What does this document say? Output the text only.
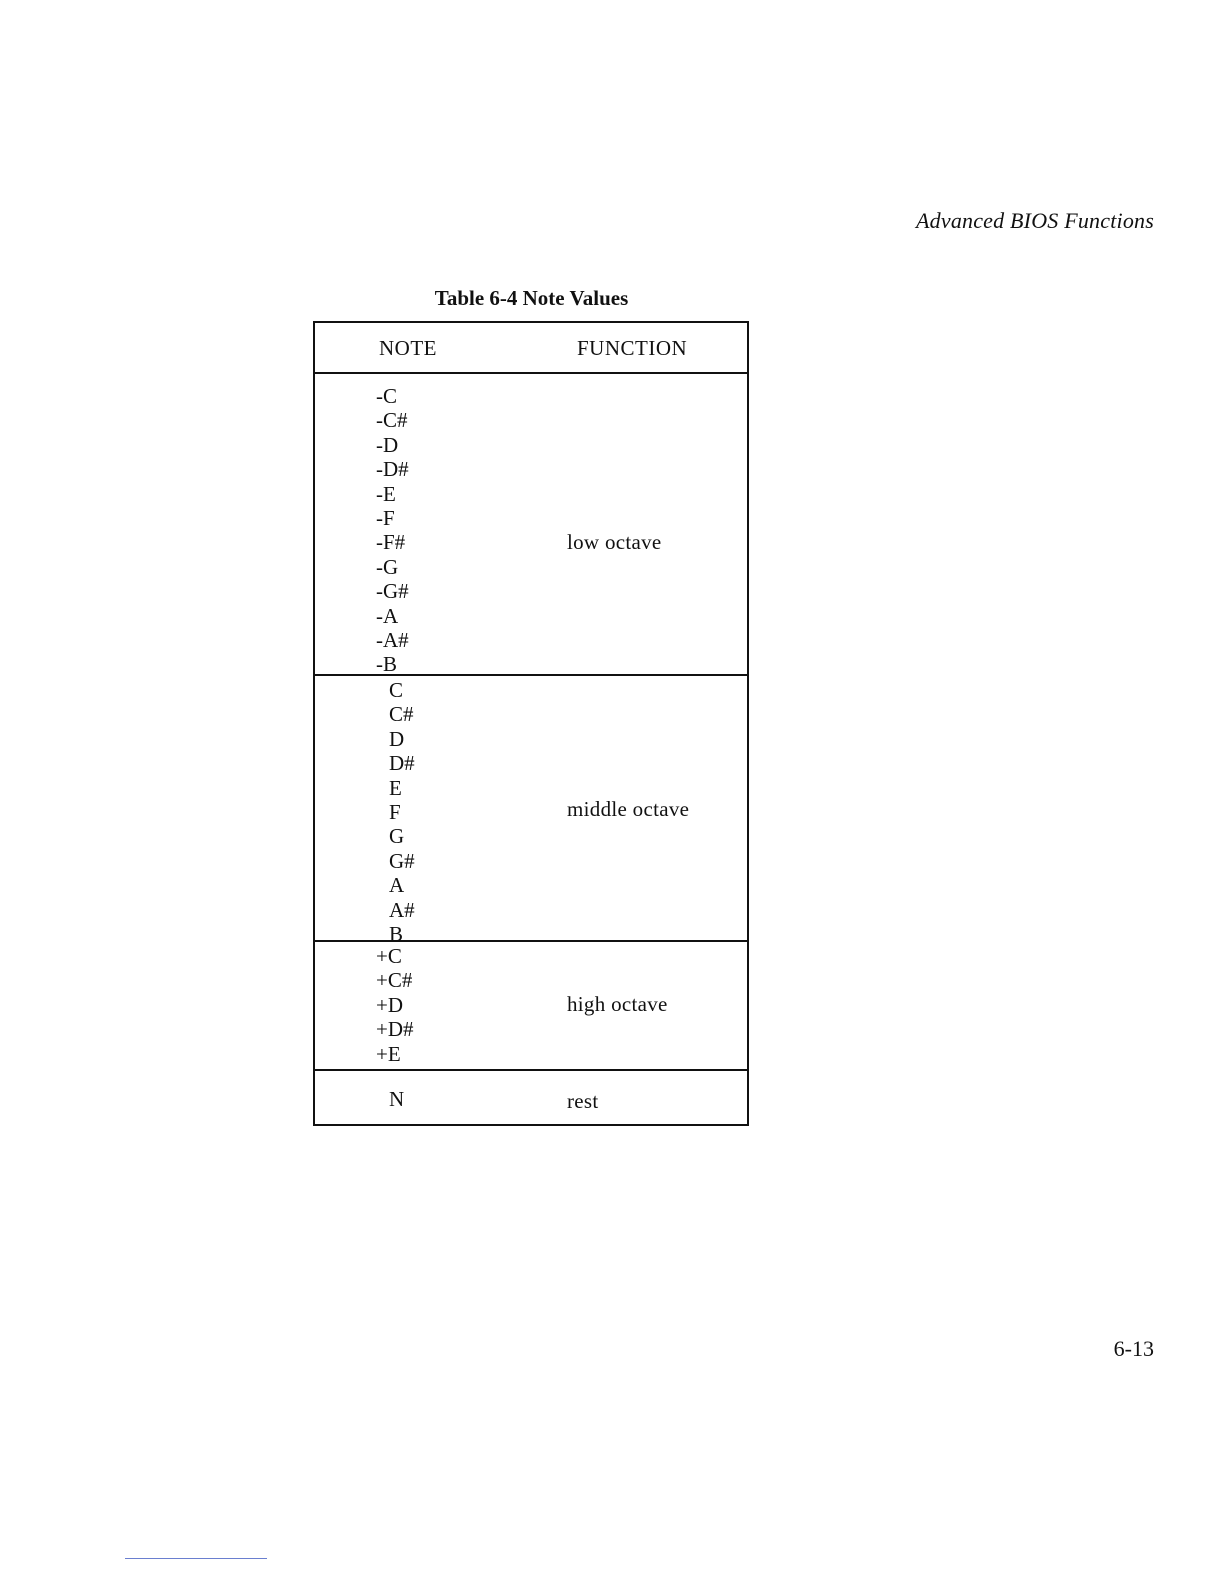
Advanced BIOS Functions
Table 6-4 Note Values
NOTE	FUNCTION
-C
-C#
-D
-D#
-E
-F
-F#
-G
-G#
-A
-A#
-B
low octave
C
C#
D
D#
E
F
G
G#
A
A#
B
middle octave
+C
+C#
+D
+D#
+E
high octave
N	rest
6-13
